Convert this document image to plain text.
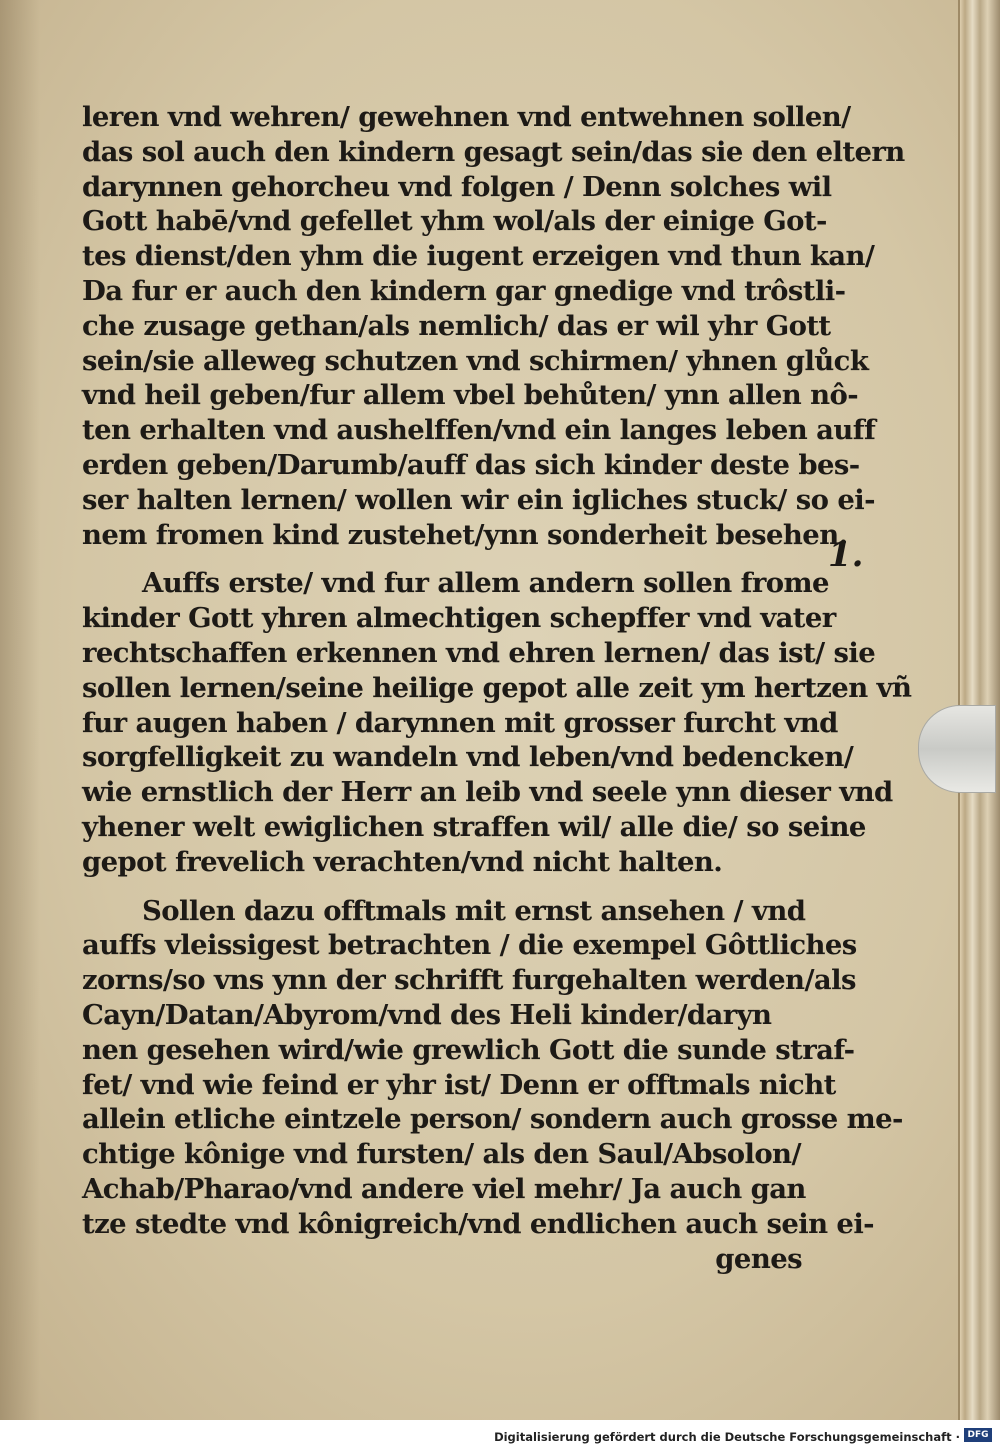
leren vnd wehren/ gewehnen vnd entwehnen sollen/
das sol auch den kindern gesagt sein/das sie den eltern
darynnen gehorcheu vnd folgen / Denn solches wil
Gott habē/vnd gefellet yhm wol/als der einige Got-
tes dienst/den yhm die iugent erzeigen vnd thun kan/
Da fur er auch den kindern gar gnedige vnd trôstli-
che zusage gethan/als nemlich/ das er wil yhr Gott
sein/sie alleweg schutzen vnd schirmen/ yhnen glůck
vnd heil geben/fur allem vbel behůten/ ynn allen nô-
ten erhalten vnd aushelffen/vnd ein langes leben auff
erden geben/Darumb/auff das sich kinder deste bes-
ser halten lernen/ wollen wir ein igliches stuck/ so ei-
nem fromen kind zustehet/ynn sonderheit besehen.
Auffs erste/ vnd fur allem andern sollen frome
kinder Gott yhren almechtigen schepffer vnd vater
rechtschaffen erkennen vnd ehren lernen/ das ist/ sie
sollen lernen/seine heilige gepot alle zeit ym hertzen vñ
fur augen haben / darynnen mit grosser furcht vnd
sorgfelligkeit zu wandeln vnd leben/vnd bedencken/
wie ernstlich der Herr an leib vnd seele ynn dieser vnd
yhener welt ewiglichen straffen wil/ alle die/ so seine
gepot frevelich verachten/vnd nicht halten.
Sollen dazu offtmals mit ernst ansehen / vnd
auffs vleissigest betrachten / die exempel Gôttliches
zorns/so vns ynn der schrifft furgehalten werden/als
Cayn/Datan/Abyrom/vnd des Heli kinder/daryn
nen gesehen wird/wie grewlich Gott die sunde straf-
fet/ vnd wie feind er yhr ist/ Denn er offtmals nicht
allein etliche eintzele person/ sondern auch grosse me-
chtige kônige vnd fursten/ als den Saul/Absolon/
Achab/Pharao/vnd andere viel mehr/ Ja auch gan
tze stedte vnd kônigreich/vnd endlichen auch sein ei-
genes
1.
Digitalisierung gefördert durch die Deutsche Forschungsgemeinschaft · DFG
